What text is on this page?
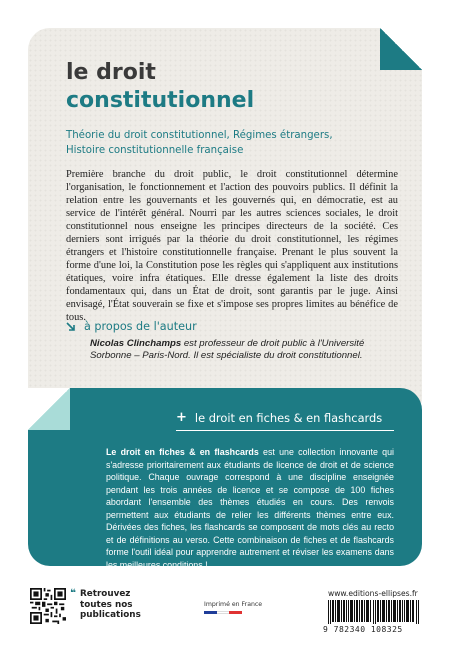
le droit
constitutionnel
Théorie du droit constitutionnel, Régimes étrangers,
Histoire constitutionnelle française
Première branche du droit public, le droit constitutionnel détermine l'organisation, le fonctionnement et l'action des pouvoirs publics. Il définit la relation entre les gouvernants et les gouvernés qui, en démocratie, est au service de l'intérêt général. Nourri par les autres sciences sociales, le droit constitutionnel nous enseigne les principes directeurs de la société. Ces derniers sont irrigués par la théorie du droit constitutionnel, les régimes étrangers et l'histoire constitutionnelle française. Prenant le plus souvent la forme d'une loi, la Constitution pose les règles qui s'appliquent aux institutions étatiques, voire infra étatiques. Elle dresse également la liste des droits fondamentaux qui, dans un État de droit, sont garantis par le juge. Ainsi envisagé, l'État souverain se fixe et s'impose ses propres limites au bénéfice de tous.
à propos de l'auteur
Nicolas Clinchamps est professeur de droit public à l'Université Sorbonne – Paris-Nord. Il est spécialiste du droit constitutionnel.
+ le droit en fiches & en flashcards
Le droit en fiches & en flashcards est une collection innovante qui s'adresse prioritairement aux étudiants de licence de droit et de science politique. Chaque ouvrage correspond à une discipline enseignée pendant les trois années de licence et se compose de 100 fiches abordant l'ensemble des thèmes étudiés en cours. Des renvois permettent aux étudiants de relier les différents thèmes entre eux. Dérivées des fiches, les flashcards se composent de mots clés au recto et de définitions au verso. Cette combinaison de fiches et de flashcards forme l'outil idéal pour apprendre autrement et réviser les examens dans les meilleures conditions !
❝ Retrouvez
toutes nos
publications
Imprimé en France
www.editions-ellipses.fr
9 782340 108325
